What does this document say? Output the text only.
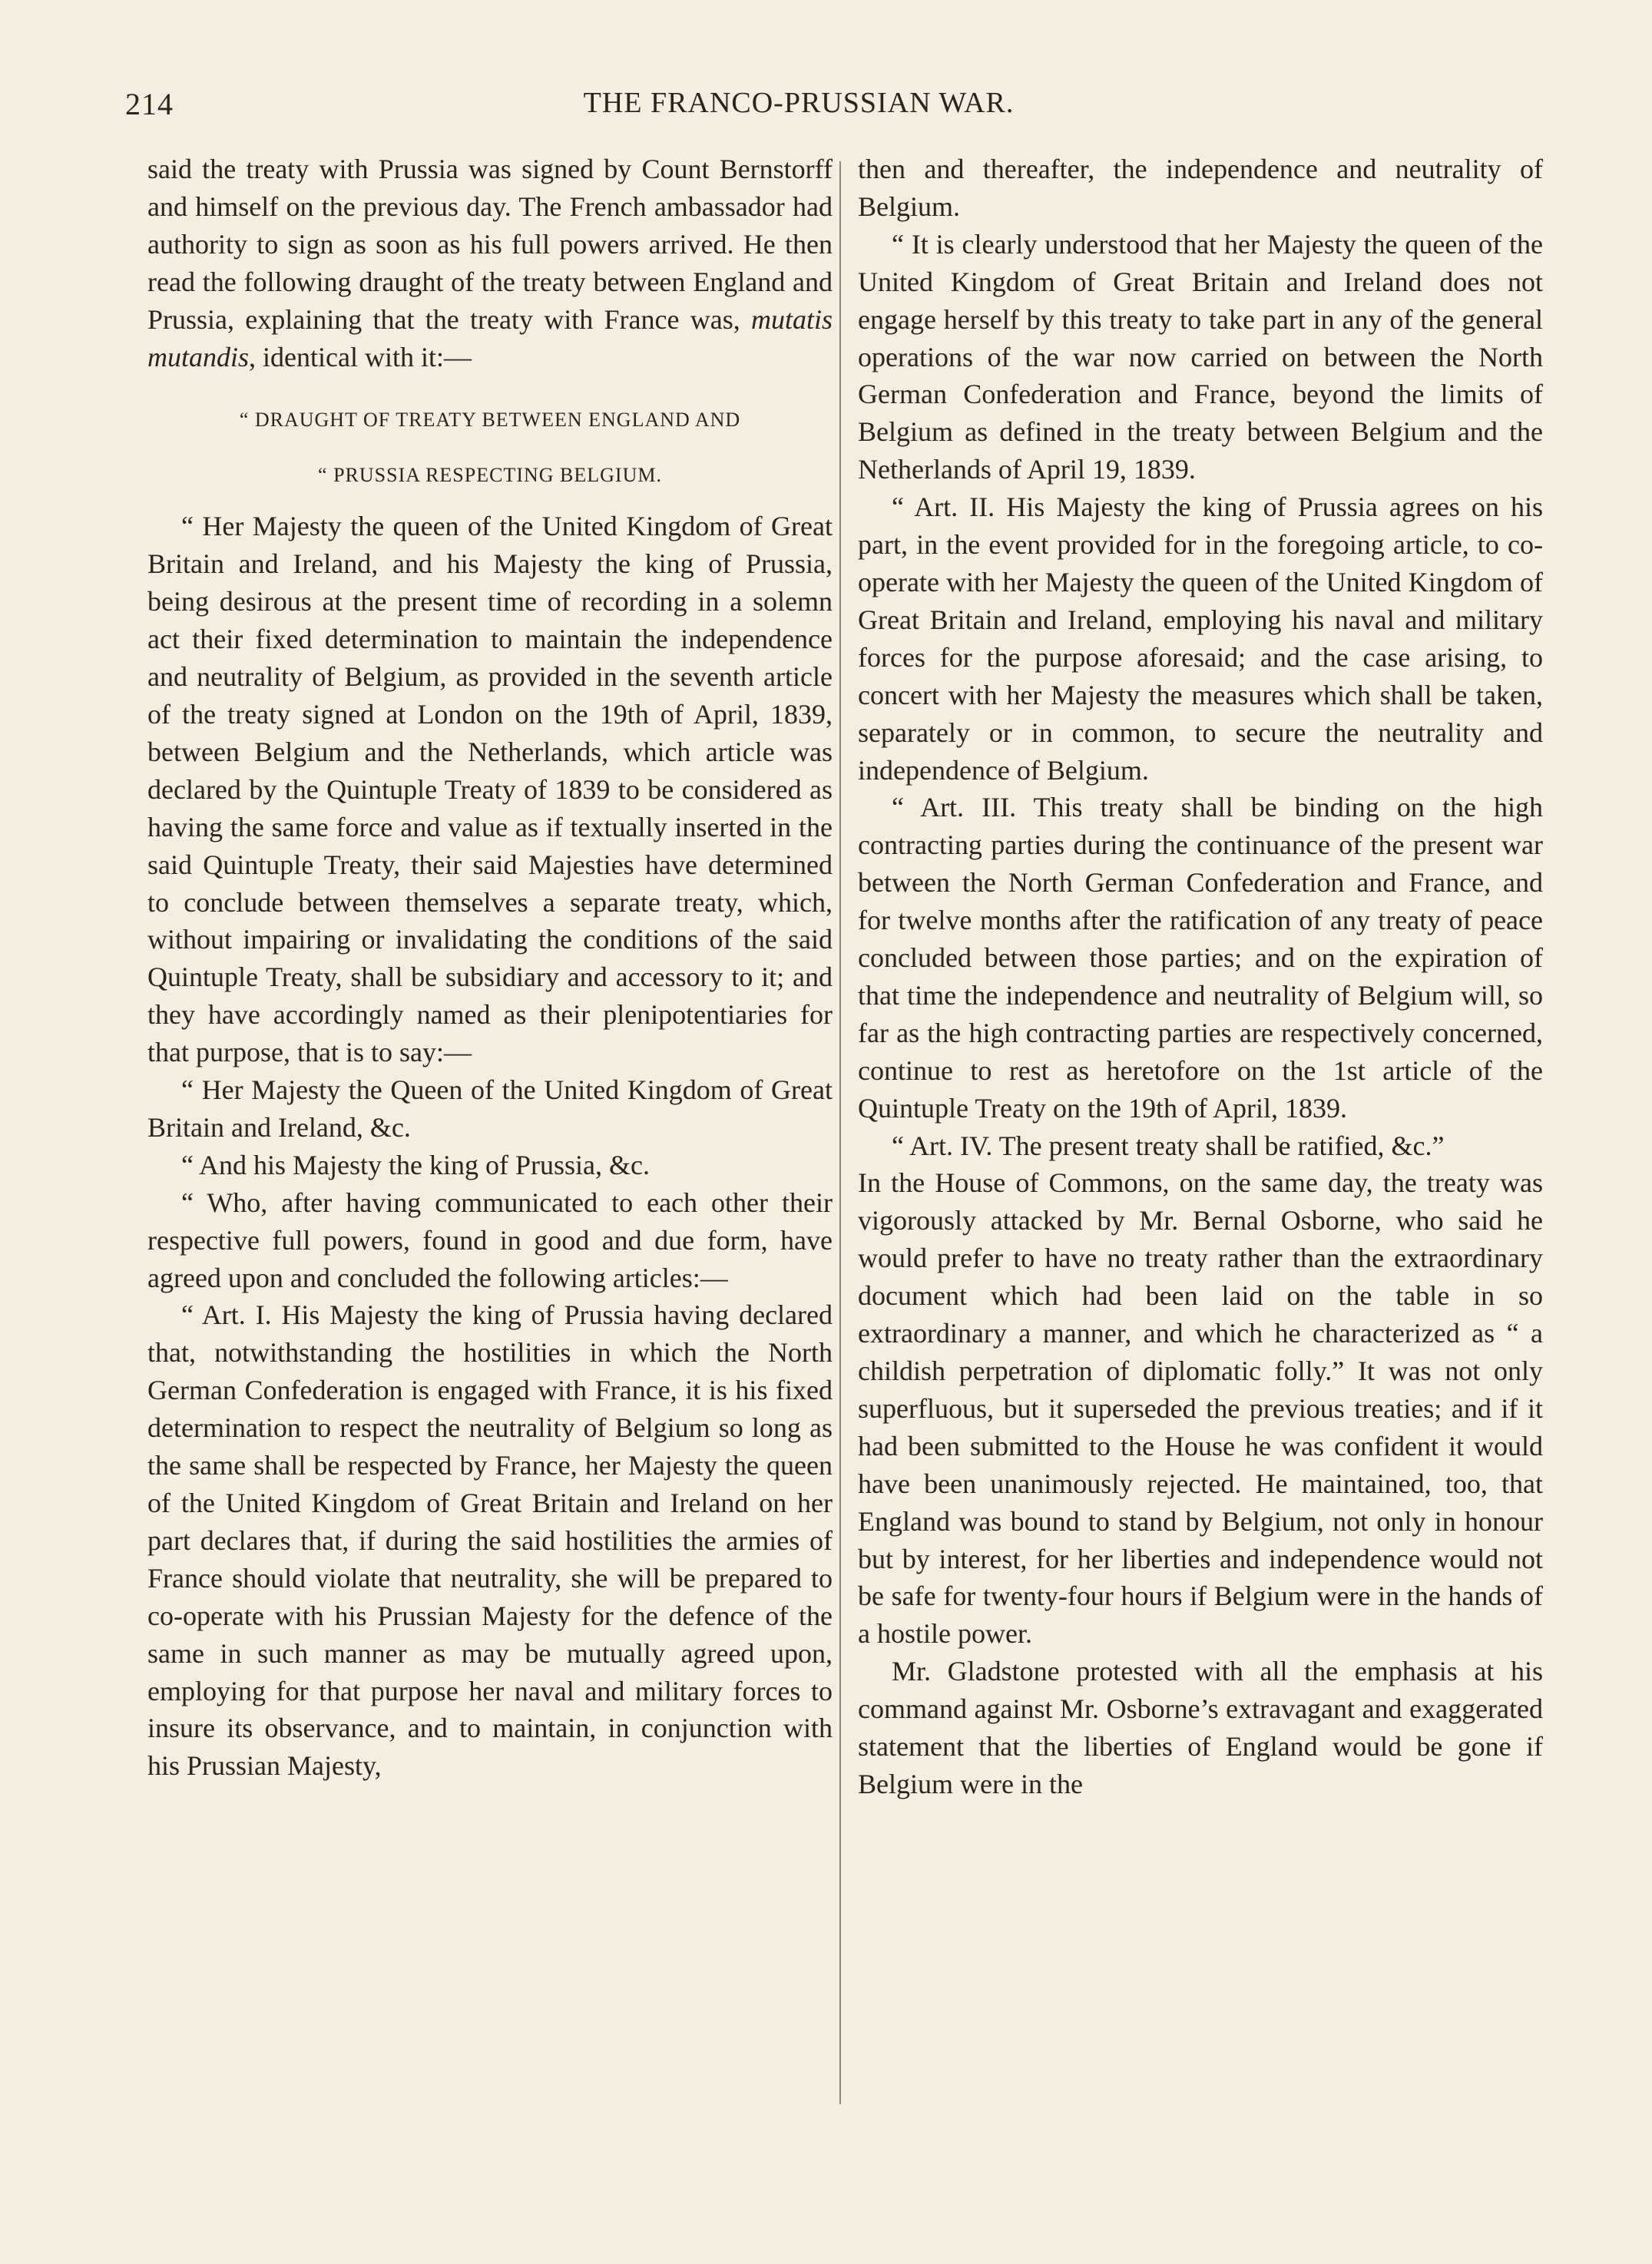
214	THE FRANCO-PRUSSIAN WAR.

said the treaty with Prussia was signed by Count Bernstorff and himself on the previous day. The French ambassador had authority to sign as soon as his full powers arrived. He then read the following draught of the treaty between England and Prussia, explaining that the treaty with France was, mutatis mutandis, identical with it:—

“ DRAUGHT OF TREATY BETWEEN ENGLAND AND

“ PRUSSIA RESPECTING BELGIUM.

“ Her Majesty the queen of the United Kingdom of Great Britain and Ireland, and his Majesty the king of Prussia, being desirous at the present time of recording in a solemn act their fixed determination to maintain the independence and neutrality of Belgium, as provided in the seventh article of the treaty signed at London on the 19th of April, 1839, between Belgium and the Netherlands, which article was declared by the Quintuple Treaty of 1839 to be considered as having the same force and value as if textually inserted in the said Quintuple Treaty, their said Majesties have determined to conclude between themselves a separate treaty, which, without impairing or invalidating the conditions of the said Quintuple Treaty, shall be subsidiary and accessory to it; and they have accordingly named as their plenipotentiaries for that purpose, that is to say:—

“ Her Majesty the Queen of the United Kingdom of Great Britain and Ireland, &c.

“ And his Majesty the king of Prussia, &c.

“ Who, after having communicated to each other their respective full powers, found in good and due form, have agreed upon and concluded the following articles:—

“ Art. I. His Majesty the king of Prussia having declared that, notwithstanding the hostilities in which the North German Confederation is engaged with France, it is his fixed determination to respect the neutrality of Belgium so long as the same shall be respected by France, her Majesty the queen of the United Kingdom of Great Britain and Ireland on her part declares that, if during the said hostilities the armies of France should violate that neutrality, she will be prepared to co-operate with his Prussian Majesty for the defence of the same in such manner as may be mutually agreed upon, employing for that purpose her naval and military forces to insure its observance, and to maintain, in conjunction with his Prussian Majesty,

then and thereafter, the independence and neutrality of Belgium.

“ It is clearly understood that her Majesty the queen of the United Kingdom of Great Britain and Ireland does not engage herself by this treaty to take part in any of the general operations of the war now carried on between the North German Confederation and France, beyond the limits of Belgium as defined in the treaty between Belgium and the Netherlands of April 19, 1839.

“ Art. II. His Majesty the king of Prussia agrees on his part, in the event provided for in the foregoing article, to co-operate with her Majesty the queen of the United Kingdom of Great Britain and Ireland, employing his naval and military forces for the purpose aforesaid; and the case arising, to concert with her Majesty the measures which shall be taken, separately or in common, to secure the neutrality and independence of Belgium.

“ Art. III. This treaty shall be binding on the high contracting parties during the continuance of the present war between the North German Confederation and France, and for twelve months after the ratification of any treaty of peace concluded between those parties; and on the expiration of that time the independence and neutrality of Belgium will, so far as the high contracting parties are respectively concerned, continue to rest as heretofore on the 1st article of the Quintuple Treaty on the 19th of April, 1839.

“ Art. IV. The present treaty shall be ratified, &c.”

In the House of Commons, on the same day, the treaty was vigorously attacked by Mr. Bernal Osborne, who said he would prefer to have no treaty rather than the extraordinary document which had been laid on the table in so extraordinary a manner, and which he characterized as “ a childish perpetration of diplomatic folly.” It was not only superfluous, but it superseded the previous treaties; and if it had been submitted to the House he was confident it would have been unanimously rejected. He maintained, too, that England was bound to stand by Belgium, not only in honour but by interest, for her liberties and independence would not be safe for twenty-four hours if Belgium were in the hands of a hostile power.

Mr. Gladstone protested with all the emphasis at his command against Mr. Osborne’s extravagant and exaggerated statement that the liberties of England would be gone if Belgium were in the
